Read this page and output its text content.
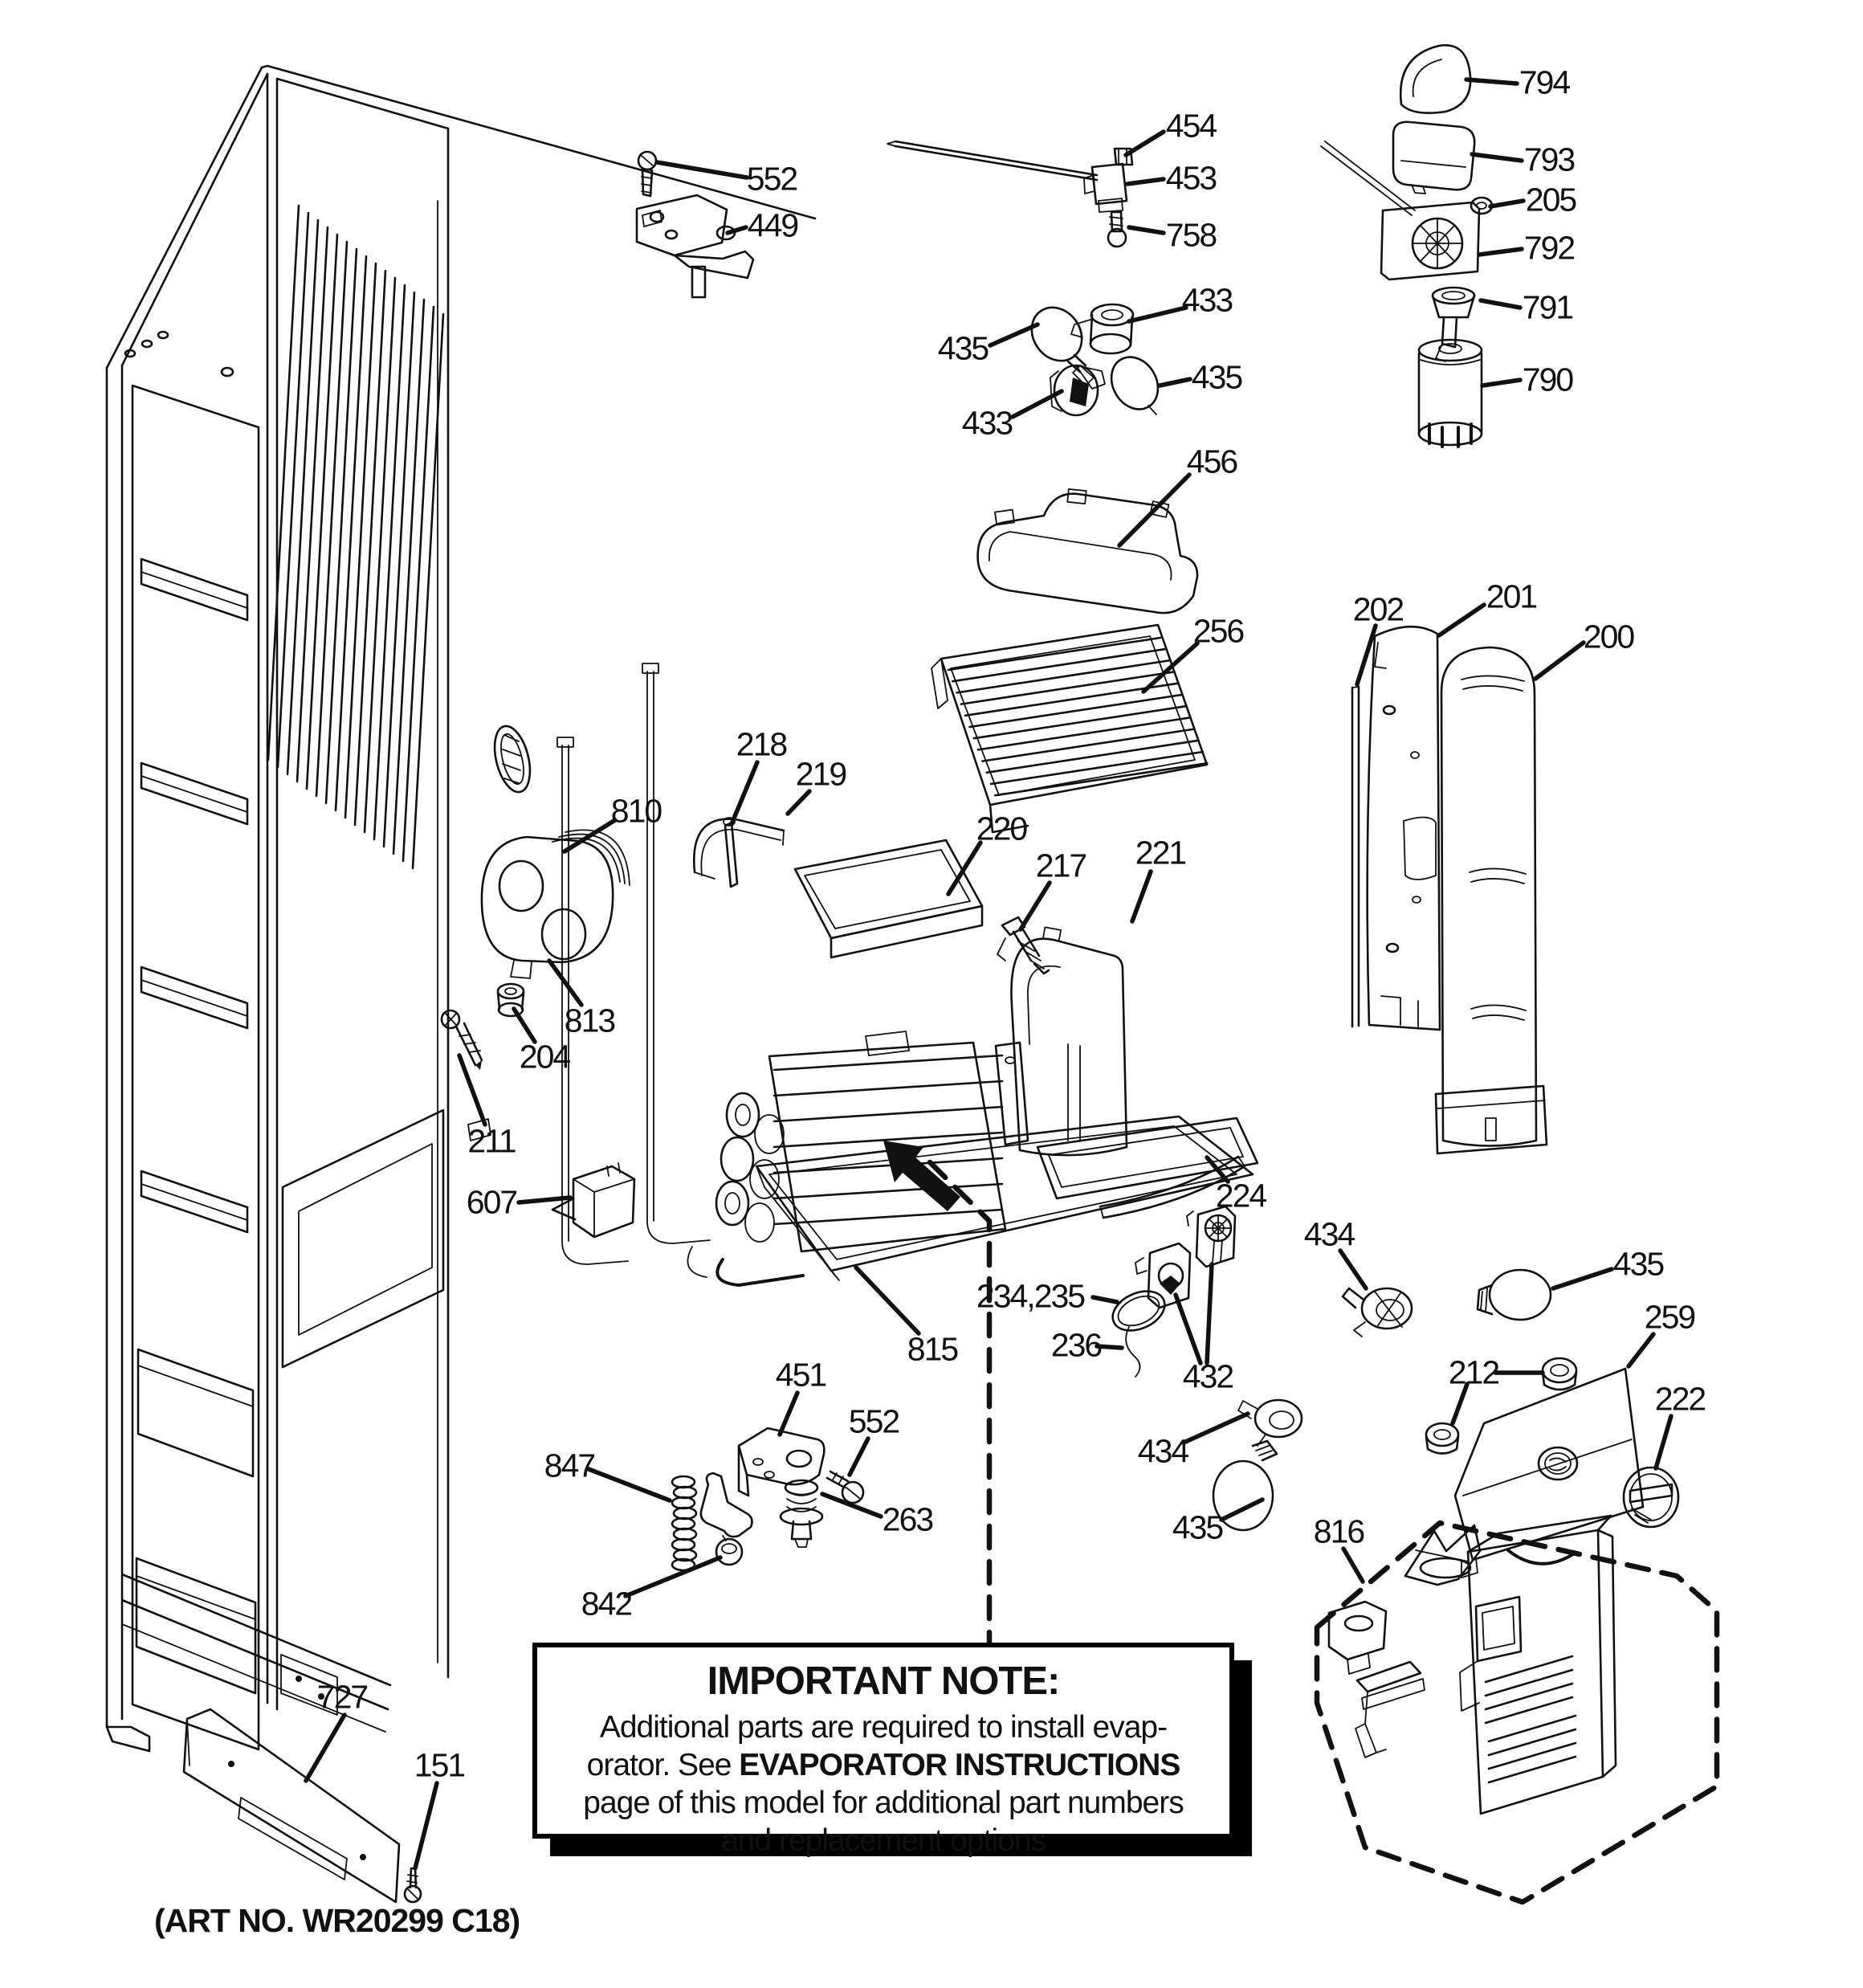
552
449
454
453
758
433
435
435
433
456
794
793
205
792
791
790
256
202	201
200
218
219
220
217 221
810
813
204
211
607
815
451
552
263
847
842
727
151
234,235
236
432
434
435
259
212
222
434
435	816
224
IMPORTANT NOTE:
Additional parts are required to install evap-
orator. See EVAPORATOR INSTRUCTIONS
page of this model for additional part numbers
and replacement options
(ART NO. WR20299 C18)
